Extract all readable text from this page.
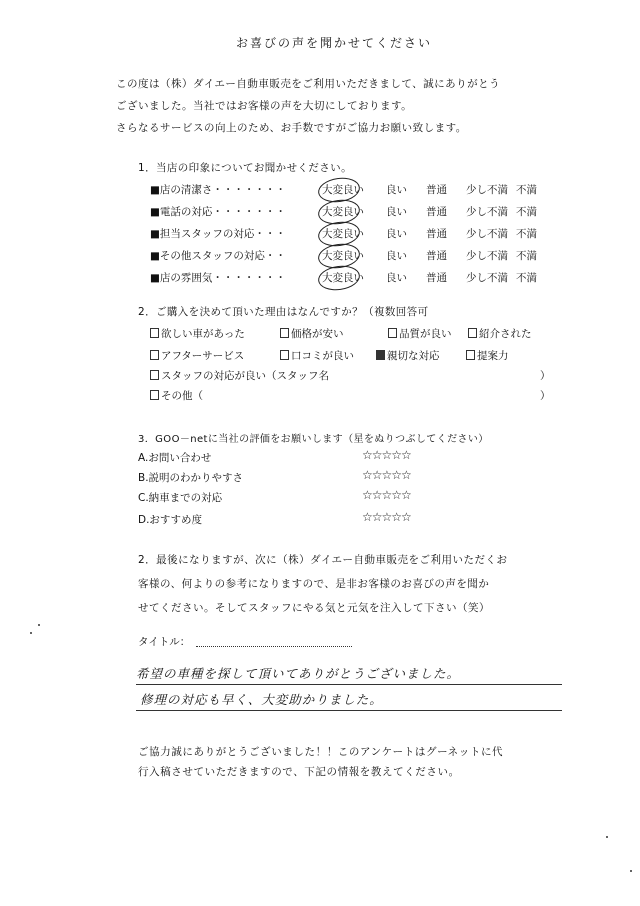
お喜びの声を聞かせてください
この度は（株）ダイエー自動車販売をご利用いただきまして、誠にありがとう
ございました。当社ではお客様の声を大切にしております。
さらなるサービスの向上のため、お手数ですがご協力お願い致します。
1．当店の印象についてお聞かせください。
■店の清潔さ・・・・・・・	大変良い 良い 普通 少し不満 不満
■電話の対応・・・・・・・	大変良い 良い 普通 少し不満 不満
■担当スタッフの対応・・・	大変良い 良い 普通 少し不満 不満
■その他スタッフの対応・・	大変良い 良い 普通 少し不満 不満
■店の雰囲気・・・・・・・	大変良い 良い 普通 少し不満 不満
2．ご購入を決めて頂いた理由はなんですか？（複数回答可
欲しい車があった	価格が安い	品質が良い	紹介された
アフターサービス	口コミが良い	親切な対応	提案力
スタッフの対応が良い（スタッフ名	）
その他（	）
3．GOO－netに当社の評価をお願いします（星をぬりつぶしてください）
A.お問い合わせ	☆☆☆☆☆
B.説明のわかりやすさ	☆☆☆☆☆
C.納車までの対応	☆☆☆☆☆
D.おすすめ度	☆☆☆☆☆
2．最後になりますが、次に（株）ダイエー自動車販売をご利用いただくお
客様の、何よりの参考になりますので、是非お客様のお喜びの声を聞か
せてください。そしてスタッフにやる気と元気を注入して下さい（笑）
タイトル：
希望の車種を探して頂いてありがとうございました。
修理の対応も早く、大変助かりました。
ご協力誠にありがとうございました！！このアンケートはグーネットに代
行入稿させていただきますので、下記の情報を教えてください。
